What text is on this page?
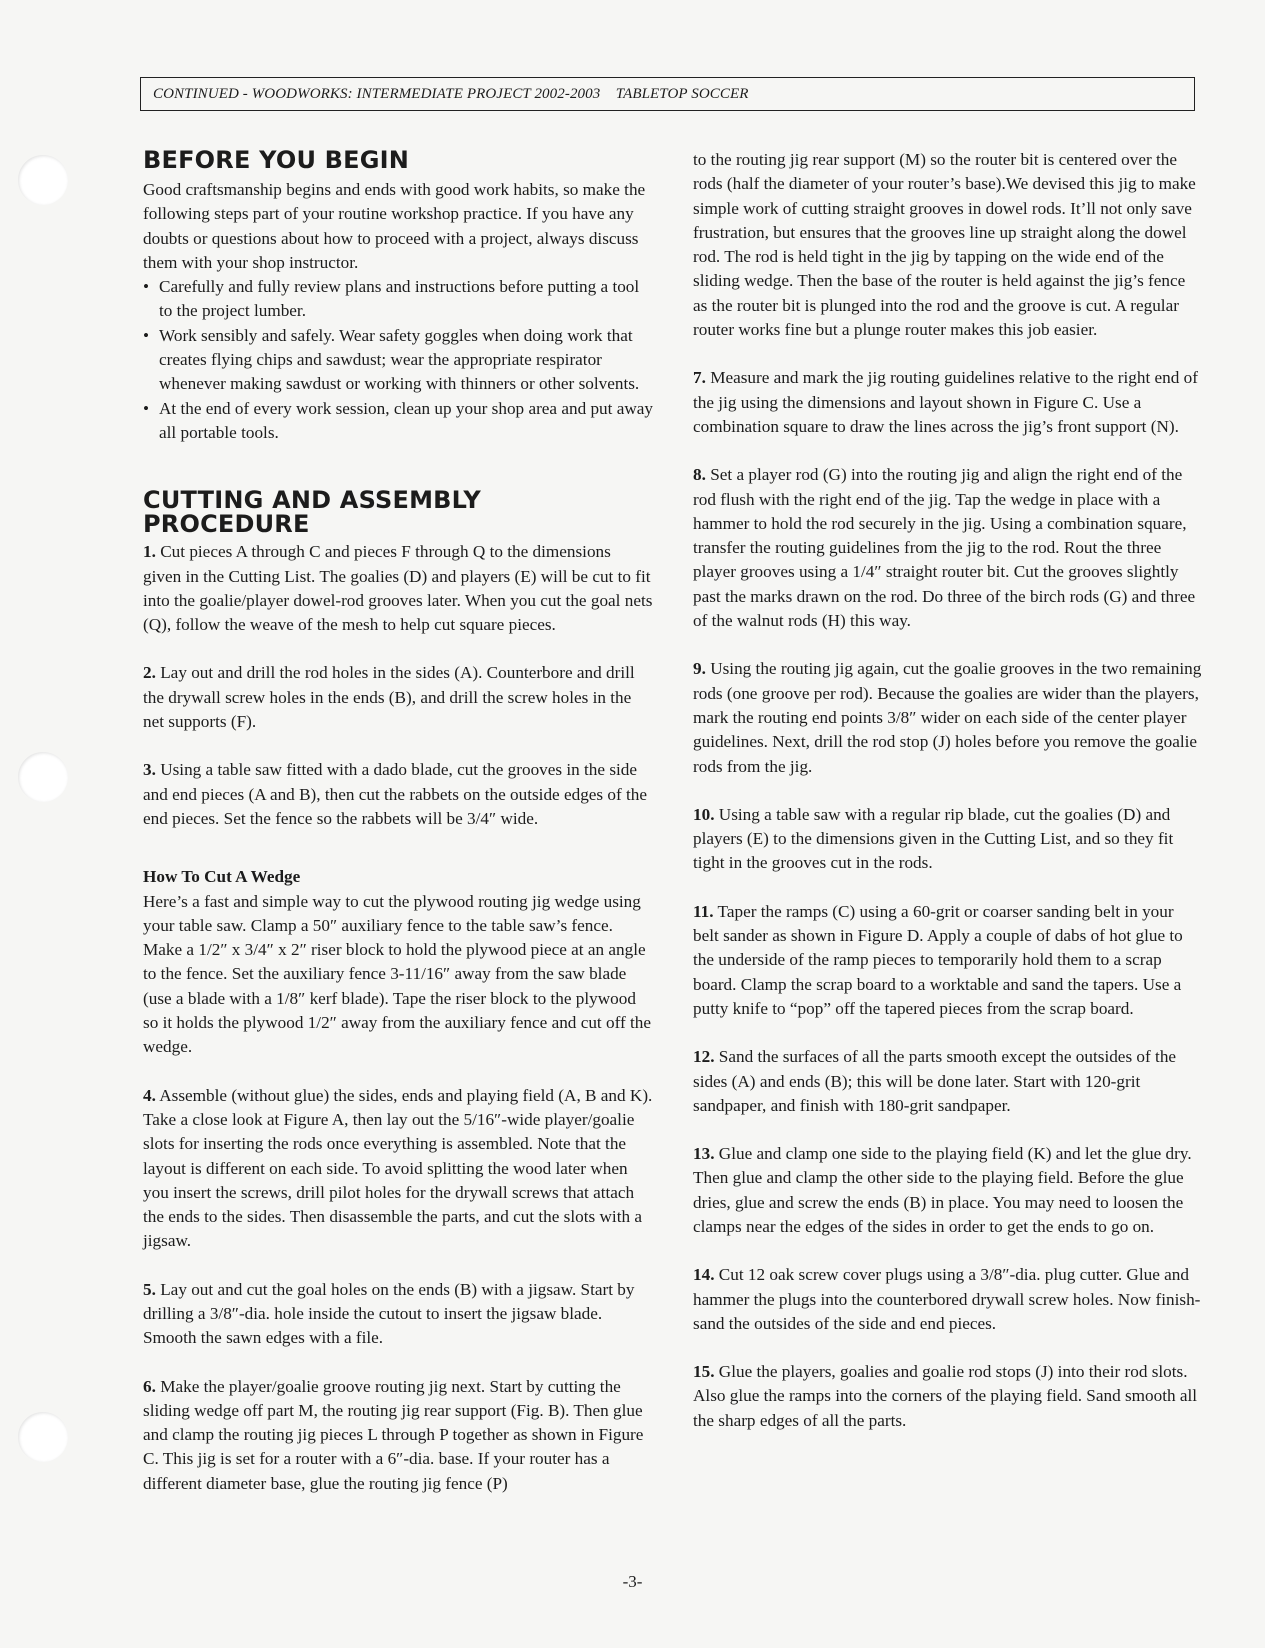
CONTINUED - WOODWORKS: INTERMEDIATE PROJECT 2002-2003    TABLETOP SOCCER
BEFORE YOU BEGIN

Good craftsmanship begins and ends with good work habits, so make the following steps part of your routine workshop practice. If you have any doubts or questions about how to proceed with a project, always discuss them with your shop instructor.

• Carefully and fully review plans and instructions before putting a tool to the project lumber.
• Work sensibly and safely. Wear safety goggles when doing work that creates flying chips and sawdust; wear the appropriate respirator whenever making sawdust or working with thinners or other solvents.
• At the end of every work session, clean up your shop area and put away all portable tools.
CUTTING AND ASSEMBLY PROCEDURE

1. Cut pieces A through C and pieces F through Q to the dimensions given in the Cutting List. The goalies (D) and players (E) will be cut to fit into the goalie/player dowel-rod grooves later. When you cut the goal nets (Q), follow the weave of the mesh to help cut square pieces.

2. Lay out and drill the rod holes in the sides (A). Counterbore and drill the drywall screw holes in the ends (B), and drill the screw holes in the net supports (F).

3. Using a table saw fitted with a dado blade, cut the grooves in the side and end pieces (A and B), then cut the rabbets on the outside edges of the end pieces. Set the fence so the rabbets will be 3/4″ wide.

How To Cut A Wedge

Here’s a fast and simple way to cut the plywood routing jig wedge using your table saw. Clamp a 50″ auxiliary fence to the table saw’s fence. Make a 1/2″ x 3/4″ x 2″ riser block to hold the plywood piece at an angle to the fence. Set the auxiliary fence 3-11/16″ away from the saw blade (use a blade with a 1/8″ kerf blade). Tape the riser block to the plywood so it holds the plywood 1/2″ away from the auxiliary fence and cut off the wedge.

4. Assemble (without glue) the sides, ends and playing field (A, B and K). Take a close look at Figure A, then lay out the 5/16″-wide player/goalie slots for inserting the rods once everything is assembled. Note that the layout is different on each side. To avoid splitting the wood later when you insert the screws, drill pilot holes for the drywall screws that attach the ends to the sides. Then disassemble the parts, and cut the slots with a jigsaw.

5. Lay out and cut the goal holes on the ends (B) with a jigsaw. Start by drilling a 3/8″-dia. hole inside the cutout to insert the jigsaw blade. Smooth the sawn edges with a file.

6. Make the player/goalie groove routing jig next. Start by cutting the sliding wedge off part M, the routing jig rear support (Fig. B). Then glue and clamp the routing jig pieces L through P together as shown in Figure C. This jig is set for a router with a 6″-dia. base. If your router has a different diameter base, glue the routing jig fence (P)

to the routing jig rear support (M) so the router bit is centered over the rods (half the diameter of your router’s base).We devised this jig to make simple work of cutting straight grooves in dowel rods. It’ll not only save frustration, but ensures that the grooves line up straight along the dowel rod. The rod is held tight in the jig by tapping on the wide end of the sliding wedge. Then the base of the router is held against the jig’s fence as the router bit is plunged into the rod and the groove is cut. A regular router works fine but a plunge router makes this job easier.

7. Measure and mark the jig routing guidelines relative to the right end of the jig using the dimensions and layout shown in Figure C. Use a combination square to draw the lines across the jig’s front support (N).

8. Set a player rod (G) into the routing jig and align the right end of the rod flush with the right end of the jig. Tap the wedge in place with a hammer to hold the rod securely in the jig. Using a combination square, transfer the routing guidelines from the jig to the rod. Rout the three player grooves using a 1/4″ straight router bit. Cut the grooves slightly past the marks drawn on the rod. Do three of the birch rods (G) and three of the walnut rods (H) this way.

9. Using the routing jig again, cut the goalie grooves in the two remaining rods (one groove per rod). Because the goalies are wider than the players, mark the routing end points 3/8″ wider on each side of the center player guidelines. Next, drill the rod stop (J) holes before you remove the goalie rods from the jig.

10. Using a table saw with a regular rip blade, cut the goalies (D) and players (E) to the dimensions given in the Cutting List, and so they fit tight in the grooves cut in the rods.

11. Taper the ramps (C) using a 60-grit or coarser sanding belt in your belt sander as shown in Figure D. Apply a couple of dabs of hot glue to the underside of the ramp pieces to temporarily hold them to a scrap board. Clamp the scrap board to a worktable and sand the tapers. Use a putty knife to “pop” off the tapered pieces from the scrap board.

12. Sand the surfaces of all the parts smooth except the outsides of the sides (A) and ends (B); this will be done later. Start with 120-grit sandpaper, and finish with 180-grit sandpaper.

13. Glue and clamp one side to the playing field (K) and let the glue dry. Then glue and clamp the other side to the playing field. Before the glue dries, glue and screw the ends (B) in place. You may need to loosen the clamps near the edges of the sides in order to get the ends to go on.

14. Cut 12 oak screw cover plugs using a 3/8″-dia. plug cutter. Glue and hammer the plugs into the counterbored drywall screw holes. Now finish-sand the outsides of the side and end pieces.

15. Glue the players, goalies and goalie rod stops (J) into their rod slots. Also glue the ramps into the corners of the playing field. Sand smooth all the sharp edges of all the parts.

-3-
